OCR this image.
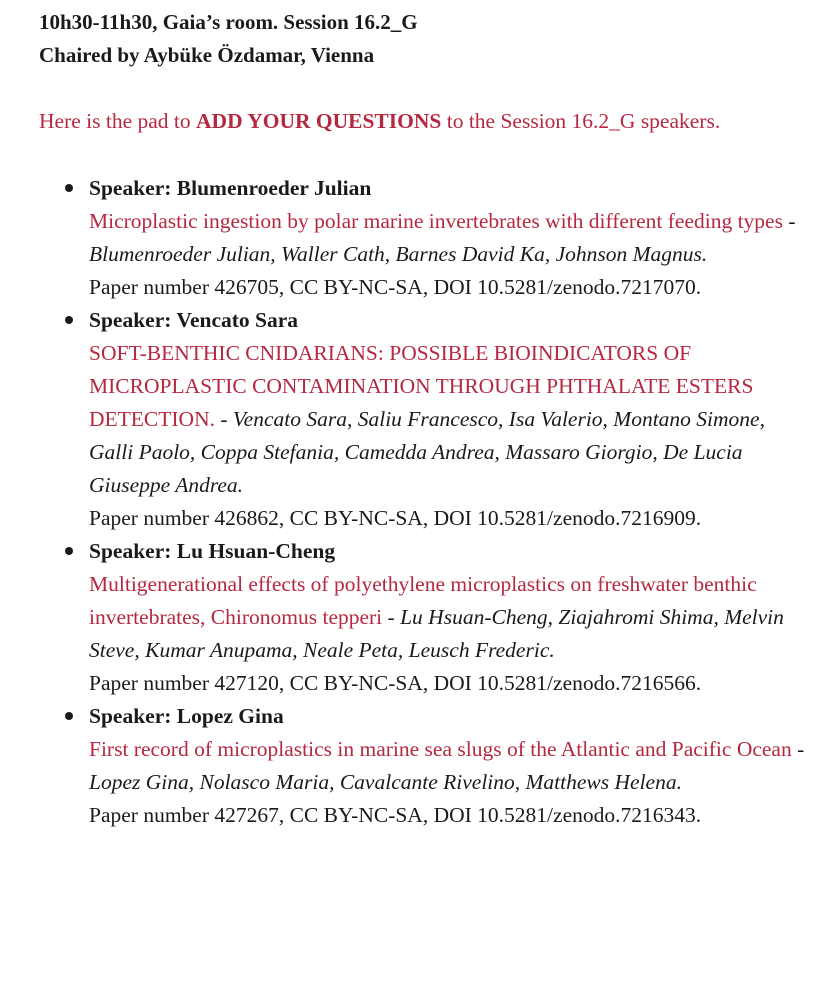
10h30-11h30, Gaia’s room. Session 16.2_G

Chaired by Aybüke Özdamar, Vienna

Here is the pad to ADD YOUR QUESTIONS to the Session 16.2_G speakers.

Speaker: Blumenroeder Julian
Microplastic ingestion by polar marine invertebrates with different feeding types - Blumenroeder Julian, Waller Cath, Barnes David Ka, Johnson Magnus.
Paper number 426705, CC BY-NC-SA, DOI 10.5281/zenodo.7217070.
Speaker: Vencato Sara
SOFT-BENTHIC CNIDARIANS: POSSIBLE BIOINDICATORS OF MICROPLASTIC CONTAMINATION THROUGH PHTHALATE ESTERS DETECTION. - Vencato Sara, Saliu Francesco, Isa Valerio, Montano Simone, Galli Paolo, Coppa Stefania, Camedda Andrea, Massaro Giorgio, De Lucia Giuseppe Andrea.
Paper number 426862, CC BY-NC-SA, DOI 10.5281/zenodo.7216909.
Speaker: Lu Hsuan-Cheng
Multigenerational effects of polyethylene microplastics on freshwater benthic invertebrates, Chironomus tepperi - Lu Hsuan-Cheng, Ziajahromi Shima, Melvin Steve, Kumar Anupama, Neale Peta, Leusch Frederic.
Paper number 427120, CC BY-NC-SA, DOI 10.5281/zenodo.7216566.
Speaker: Lopez Gina
First record of microplastics in marine sea slugs of the Atlantic and Pacific Ocean - Lopez Gina, Nolasco Maria, Cavalcante Rivelino, Matthews Helena.
Paper number 427267, CC BY-NC-SA, DOI 10.5281/zenodo.7216343.
